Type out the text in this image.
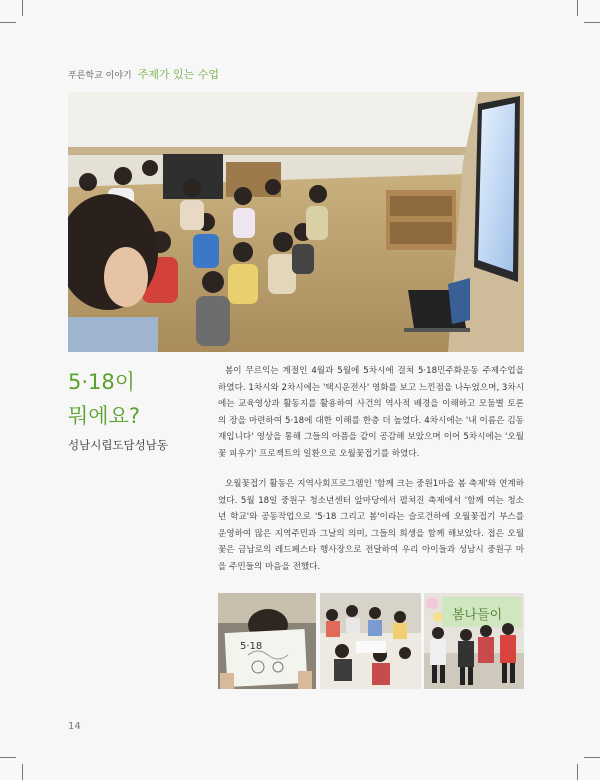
푸른학교 이야기 주제가 있는 수업
5·18이
뭐에요?
성남시립도담성남동

봄이 무르익는 계절인 4월과 5월에 5차시에 걸쳐 5·18민주화운동 주제수업을 하였다. 1차시와 2차시에는 '택시운전사' 영화를 보고 느낀점을 나누었으며, 3차시에는 교육영상과 활동지를 활용하여 사건의 역사적 배경을 이해하고 모둠별 토론의 장을 마련하여 5·18에 대한 이해를 한층 더 높였다. 4차시에는 '내 이름은 김동재입니다' 영상을 통해 그들의 아픔을 같이 공감해 보았으며 이어 5차시에는 '오월꽃 피우기' 프로젝트의 일환으로 오월꽃접기를 하였다.

오월꽃접기 활동은 지역사회프로그램인 '함께 크는 중원1마을 봄 축제'와 연계하였다. 5월 18일 중원구 청소년센터 앞마당에서 펼쳐진 축제에서 '함께 여는 청소년 학교'와 공동작업으로 '5·18 그리고 봄'이라는 슬로건하에 오월꽃접기 부스를 운영하여 많은 지역주민과 그날의 의미, 그들의 희생을 함께 해보았다. 접은 오월꽃은 금남로의 레드페스타 행사장으로 전달하여 우리 아이들과 성남시 중원구 마을 주민들의 마음을 전했다.

5·18
봄나들이
14
